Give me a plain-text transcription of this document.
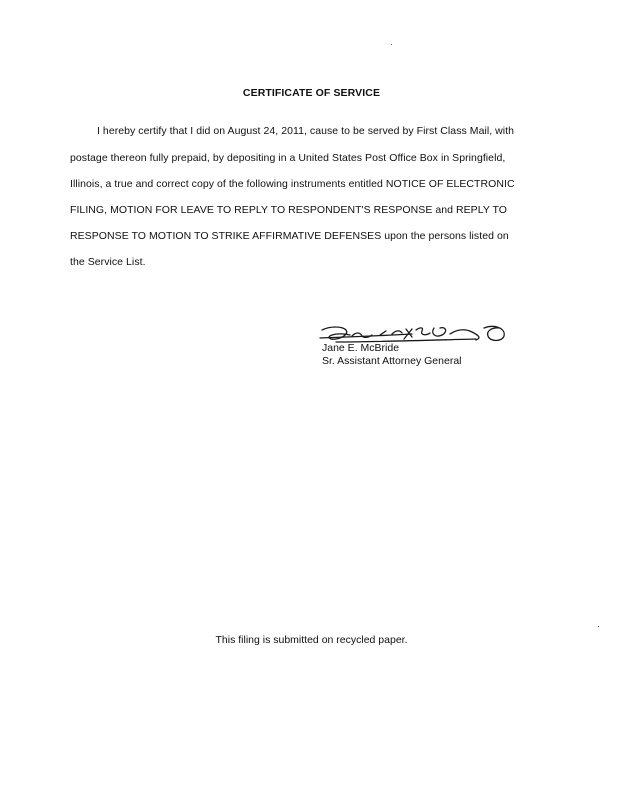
CERTIFICATE OF SERVICE
I hereby certify that I did on August 24, 2011, cause to be served by First Class Mail, with
postage thereon fully prepaid, by depositing in a United States Post Office Box in Springfield,
Illinois, a true and correct copy of the following instruments entitled NOTICE OF ELECTRONIC
FILING, MOTION FOR LEAVE TO REPLY TO RESPONDENT'S RESPONSE and REPLY TO
RESPONSE TO MOTION TO STRIKE AFFIRMATIVE DEFENSES upon the persons listed on
the Service List.
Jane E. McBride
Sr. Assistant Attorney General
This filing is submitted on recycled paper.
